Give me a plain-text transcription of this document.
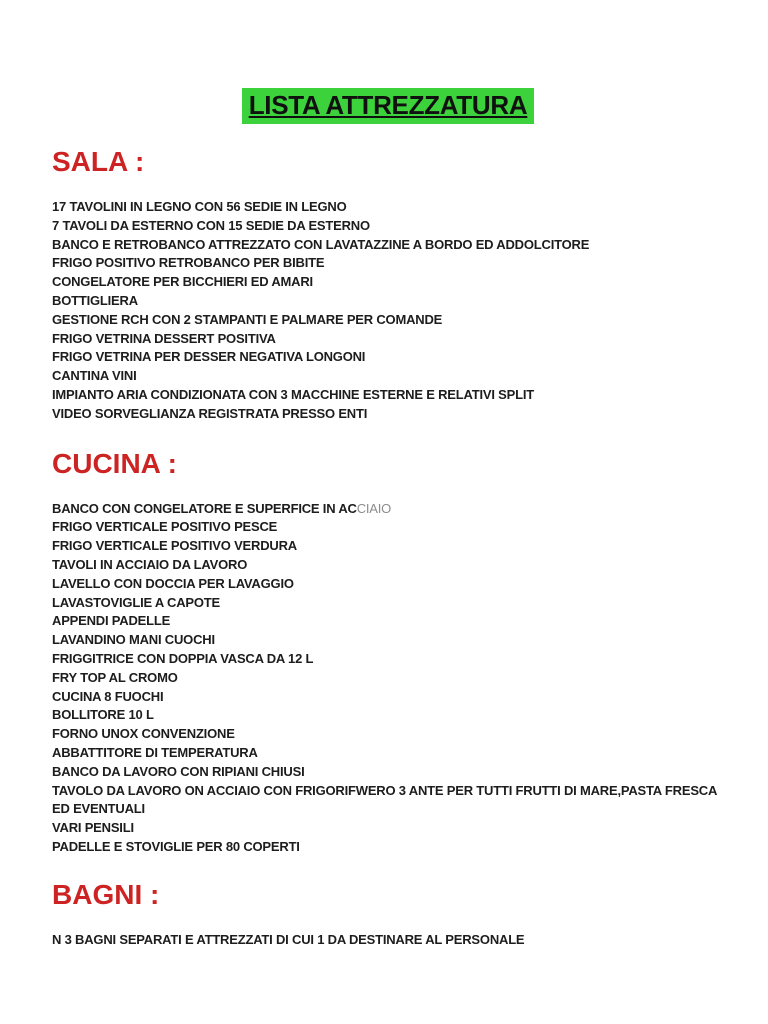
LISTA ATTREZZATURA
SALA :
17 TAVOLINI IN LEGNO CON 56 SEDIE IN LEGNO
7 TAVOLI DA ESTERNO CON 15 SEDIE DA ESTERNO
BANCO E RETROBANCO ATTREZZATO CON LAVATAZZINE A BORDO ED ADDOLCITORE
FRIGO POSITIVO RETROBANCO PER BIBITE
CONGELATORE PER BICCHIERI ED AMARI
BOTTIGLIERA
GESTIONE RCH CON 2 STAMPANTI E PALMARE PER COMANDE
FRIGO VETRINA DESSERT POSITIVA
FRIGO VETRINA PER DESSER NEGATIVA LONGONI
CANTINA VINI
IMPIANTO ARIA CONDIZIONATA CON 3 MACCHINE ESTERNE E RELATIVI SPLIT
VIDEO SORVEGLIANZA REGISTRATA PRESSO ENTI
CUCINA :
BANCO CON CONGELATORE E SUPERFICE IN ACCIAIO
FRIGO VERTICALE POSITIVO PESCE
FRIGO VERTICALE POSITIVO VERDURA
TAVOLI IN ACCIAIO DA LAVORO
LAVELLO CON DOCCIA PER LAVAGGIO
LAVASTOVIGLIE A CAPOTE
APPENDI PADELLE
LAVANDINO MANI CUOCHI
FRIGGITRICE CON DOPPIA VASCA DA 12 L
FRY TOP AL CROMO
CUCINA 8 FUOCHI
BOLLITORE 10 L
FORNO UNOX CONVENZIONE
ABBATTITORE DI TEMPERATURA
BANCO DA LAVORO CON RIPIANI CHIUSI
TAVOLO DA LAVORO ON ACCIAIO CON FRIGORIFWERO 3 ANTE PER TUTTI FRUTTI DI MARE,PASTA FRESCA ED EVENTUALI
VARI PENSILI
PADELLE E STOVIGLIE PER 80 COPERTI
BAGNI :
N 3 BAGNI SEPARATI E ATTREZZATI DI CUI 1 DA DESTINARE AL PERSONALE
